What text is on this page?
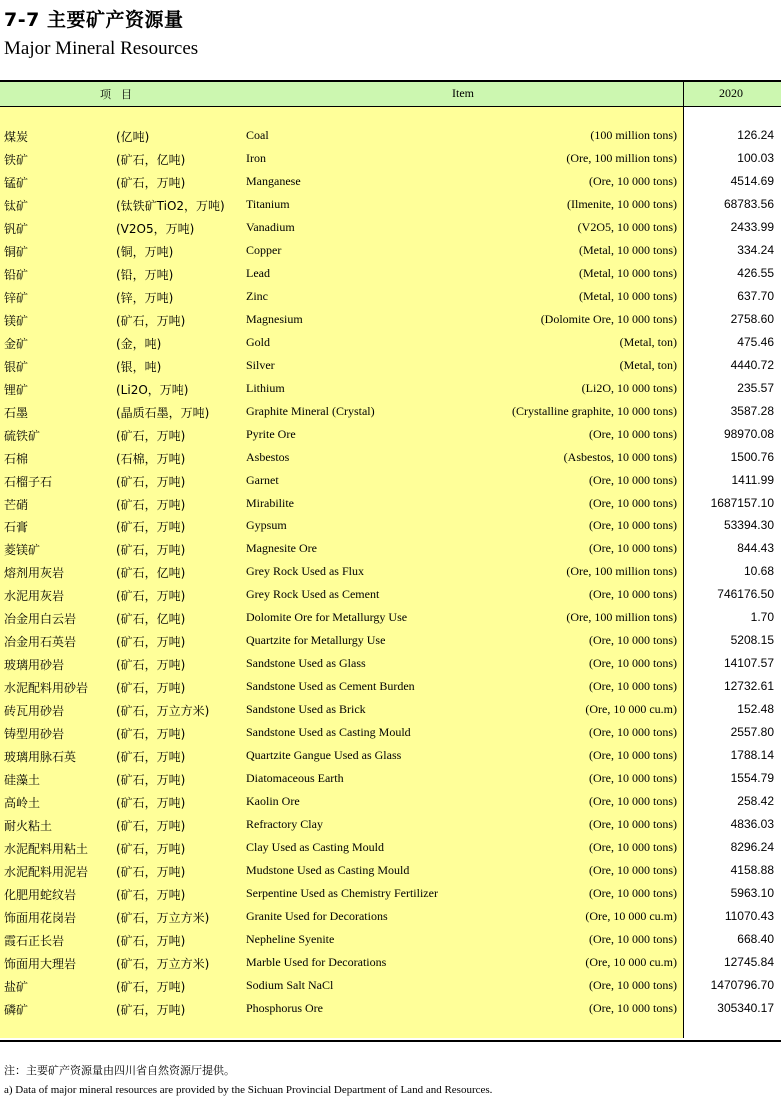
7-7 主要矿产资源量
Major Mineral Resources
项目	Item	2020
煤炭	(亿吨)	Coal	(100 million tons)	126.24
铁矿	(矿石，亿吨)	Iron	(Ore, 100 million tons)	100.03
锰矿	(矿石，万吨)	Manganese	(Ore, 10 000 tons)	4514.69
钛矿	(钛铁矿TiO2，万吨) Titanium	(Ilmenite, 10 000 tons)	68783.56
钒矿	(V2O5，万吨)	Vanadium	(V2O5, 10 000 tons)	2433.99
铜矿	(铜，万吨)	Copper	(Metal, 10 000 tons)	334.24
铅矿	(铅，万吨)	Lead	(Metal, 10 000 tons)	426.55
锌矿	(锌，万吨)	Zinc	(Metal, 10 000 tons)	637.70
镁矿	(矿石，万吨)	Magnesium	(Dolomite Ore, 10 000 tons)	2758.60
金矿	(金，吨)	Gold	(Metal, ton)	475.46
银矿	(银，吨)	Silver	(Metal, ton)	4440.72
锂矿	(Li2O，万吨)	Lithium	(Li2O, 10 000 tons)	235.57
石墨	(晶质石墨，万吨)	Graphite Mineral (Crystal)	(Crystalline graphite, 10 000 tons)	3587.28
硫铁矿	(矿石，万吨)	Pyrite Ore	(Ore, 10 000 tons)	98970.08
石棉	(石棉，万吨)	Asbestos	(Asbestos, 10 000 tons)	1500.76
石榴子石	(矿石，万吨)	Garnet	(Ore, 10 000 tons)	1411.99
芒硝	(矿石，万吨)	Mirabilite	(Ore, 10 000 tons)	1687157.10
石膏	(矿石，万吨)	Gypsum	(Ore, 10 000 tons)	53394.30
菱镁矿	(矿石，万吨)	Magnesite Ore	(Ore, 10 000 tons)	844.43
熔剂用灰岩	(矿石，亿吨)	Grey Rock Used as Flux	(Ore, 100 million tons)	10.68
水泥用灰岩	(矿石，万吨)	Grey Rock Used as Cement	(Ore, 10 000 tons)	746176.50
冶金用白云岩	(矿石，亿吨)	Dolomite Ore for Metallurgy Use	(Ore, 100 million tons)	1.70
冶金用石英岩	(矿石，万吨)	Quartzite for Metallurgy Use	(Ore, 10 000 tons)	5208.15
玻璃用砂岩	(矿石，万吨)	Sandstone Used as Glass	(Ore, 10 000 tons)	14107.57
水泥配料用砂岩 (矿石，万吨)	Sandstone Used as Cement Burden	(Ore, 10 000 tons)	12732.61
砖瓦用砂岩	(矿石，万立方米)	Sandstone Used as Brick	(Ore, 10 000 cu.m)	152.48
铸型用砂岩	(矿石，万吨)	Sandstone Used as Casting Mould	(Ore, 10 000 tons)	2557.80
玻璃用脉石英	(矿石，万吨)	Quartzite Gangue Used as Glass	(Ore, 10 000 tons)	1788.14
硅藻土	(矿石，万吨)	Diatomaceous Earth	(Ore, 10 000 tons)	1554.79
高岭土	(矿石，万吨)	Kaolin Ore	(Ore, 10 000 tons)	258.42
耐火粘土	(矿石，万吨)	Refractory Clay	(Ore, 10 000 tons)	4836.03
水泥配料用粘土 (矿石，万吨)	Clay Used as Casting Mould	(Ore, 10 000 tons)	8296.24
水泥配料用泥岩 (矿石，万吨)	Mudstone Used as Casting Mould	(Ore, 10 000 tons)	4158.88
化肥用蛇纹岩	(矿石，万吨)	Serpentine Used as Chemistry Fertilizer	(Ore, 10 000 tons)	5963.10
饰面用花岗岩	(矿石，万立方米)	Granite Used for Decorations	(Ore, 10 000 cu.m)	11070.43
霞石正长岩	(矿石，万吨)	Nepheline Syenite	(Ore, 10 000 tons)	668.40
饰面用大理岩	(矿石，万立方米)	Marble Used for Decorations	(Ore, 10 000 cu.m)	12745.84
盐矿	(矿石，万吨)	Sodium Salt NaCl	(Ore, 10 000 tons)	1470796.70
磷矿	(矿石，万吨)	Phosphorus Ore	(Ore, 10 000 tons)	305340.17
注：主要矿产资源量由四川省自然资源厅提供。
a) Data of major mineral resources are provided by the Sichuan Provincial Department of Land and Resources.
